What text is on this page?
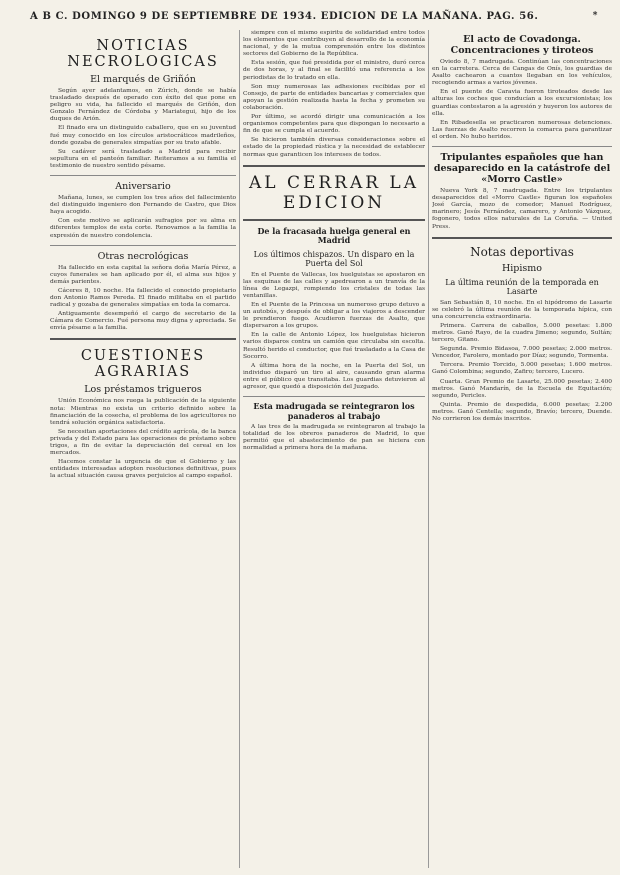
A B C. DOMINGO 9 DE SEPTIEMBRE DE 1934. EDICION DE LA MAÑANA. PAG. 56.	*
NOTICIAS NECROLOGICAS
El marqués de Griñón

Según ayer adelantamos, en Zúrich, donde se había trasladado después de operado con éxito del que pone en peligro su vida, ha fallecido el marqués de Griñón, don Gonzalo Fernández de Córdoba y Mariategui, hijo de los duques de Arión.

El finado era un distinguido caballero, que en su juventud fué muy conocido en los círculos aristocráticos madrileños, donde gozaba de generales simpatías por su trato afable.

Su cadáver será trasladado a Madrid para recibir sepultura en el panteón familiar. Reiteramos a su familia el testimonio de nuestro sentido pésame.

Aniversario

Mañana, lunes, se cumplen los tres años del fallecimiento del distinguido ingeniero don Fernando de Castro, que Dios haya acogido.

Con este motivo se aplicarán sufragios por su alma en diferentes templos de esta corte. Renovamos a la familia la expresión de nuestro condolencia.

Otras necrológicas

Ha fallecido en esta capital la señora doña María Pérez, a cuyos funerales se han aplicado por él, el alma sus hijos y demás parientes.

Cáceres 8, 10 noche. Ha fallecido el conocido propietario don Antonio Ramos Pereda. El finado militaba en el partido radical y gozaba de generales simpatías en toda la comarca.

Antiguamente desempeñó el cargo de secretario de la Cámara de Comercio. Fué persona muy digna y apreciada. Se envía pésame a la familia.

CUESTIONES AGRARIAS
Los préstamos trigueros

Unión Económica nos ruega la publicación de la siguiente nota: Mientras no exista un criterio definido sobre la financiación de la cosecha, el problema de los agricultores no tendrá solución orgánica satisfactoria.

Se necesitan aportaciones del crédito agrícola, de la banca privada y del Estado para las operaciones de préstamo sobre trigos, a fin de evitar la depreciación del cereal en los mercados.

Hacemos constar la urgencia de que el Gobierno y las entidades interesadas adopten resoluciones definitivas, pues la actual situación causa graves perjuicios al campo español.

siempre con el mismo espíritu de solidaridad entre todos los elementos que contribuyen al desarrollo de la economía nacional, y de la mutua comprensión entre los distintos sectores del Gobierno de la República.

Esta sesión, que fué presidida por el ministro, duró cerca de dos horas, y al final se facilitó una referencia a los periodistas de lo tratado en ella.

Son muy numerosas las adhesiones recibidas por el Consejo, de parte de entidades bancarias y comerciales que apoyan la gestión realizada hasta la fecha y prometen su colaboración.

Por último, se acordó dirigir una comunicación a los organismos competentes para que dispongan lo necesario a fin de que se cumpla el acuerdo.

Se hicieron también diversas consideraciones sobre el estado de la propiedad rústica y la necesidad de establecer normas que garanticen los intereses de todos.

AL CERRAR LA EDICION
De la fracasada huelga general en Madrid
Los últimos chispazos. Un disparo en la Puerta del Sol

En el Puente de Vallecas, los huelguistas se apostaron en las esquinas de las calles y apedrearon a un tranvía de la línea de Legazpi, rompiendo los cristales de todas las ventanillas.

En el Puente de la Princesa un numeroso grupo detuvo a un autobús, y después de obligar a los viajeros a descender le prendieron fuego. Acudieron fuerzas de Asalto, que dispersaron a los grupos.

En la calle de Antonio López, los huelguistas hicieron varios disparos contra un camión que circulaba sin escolta. Resultó herido el conductor, que fué trasladado a la Casa de Socorro.

A última hora de la noche, en la Puerta del Sol, un individuo disparó un tiro al aire, causando gran alarma entre el público que transitaba. Los guardias detuvieron al agresor, que quedó a disposición del Juzgado.

Esta madrugada se reintegraron los panaderos al trabajo

A las tres de la madrugada se reintegraron al trabajo la totalidad de los obreros panaderos de Madrid, lo que permitió que el abastecimiento de pan se hiciera con normalidad a primera hora de la mañana.

El acto de Covadonga. Concentraciones y tiroteos

Oviedo 8, 7 madrugada. Continúan las concentraciones en la carretera. Cerca de Cangas de Onís, los guardias de Asalto cachearon a cuantos llegaban en los vehículos, recogiendo armas a varios jóvenes.

En el puente de Caravia fueron tiroteados desde las alturas los coches que conducían a los excursionistas; los guardias contestaron a la agresión y huyeron los autores de ella.

En Ribadesella se practicaron numerosas detenciones. Las fuerzas de Asalto recorren la comarca para garantizar el orden. No hubo heridos.

Tripulantes españoles que han desaparecido en la catástrofe del «Morro Castle»

Nueva York 8, 7 madrugada. Entre los tripulantes desaparecidos del «Morro Castle» figuran los españoles José García, mozo de comedor; Manuel Rodríguez, marinero; Jesús Fernández, camarero, y Antonio Vázquez, fogonero, todos ellos naturales de La Coruña. — United Press.

Notas deportivas
Hipismo
La última reunión de la temporada en Lasarte

San Sebastián 8, 10 noche. En el hipódromo de Lasarte se celebró la última reunión de la temporada hípica, con una concurrencia extraordinaria.

Primera. Carrera de caballos, 5.000 pesetas: 1.800 metros. Ganó Rayo, de la cuadra Jimeno; segundo, Sultán; tercero, Gitano.

Segunda. Premio Bidasoa, 7.000 pesetas; 2.000 metros. Vencedor, Farolero, montado por Díaz; segundo, Tormenta.

Tercera. Premio Torcido, 5.000 pesetas; 1.600 metros. Ganó Colombina; segundo, Zafiro; tercero, Lucero.

Cuarta. Gran Premio de Lasarte, 25.000 pesetas; 2.400 metros. Ganó Mandarín, de la Escuela de Equitación; segundo, Pericles.

Quinta. Premio de despedida, 6.000 pesetas; 2.200 metros. Ganó Centella; segundo, Bravío; tercero, Duende. No corrieron los demás inscritos.
